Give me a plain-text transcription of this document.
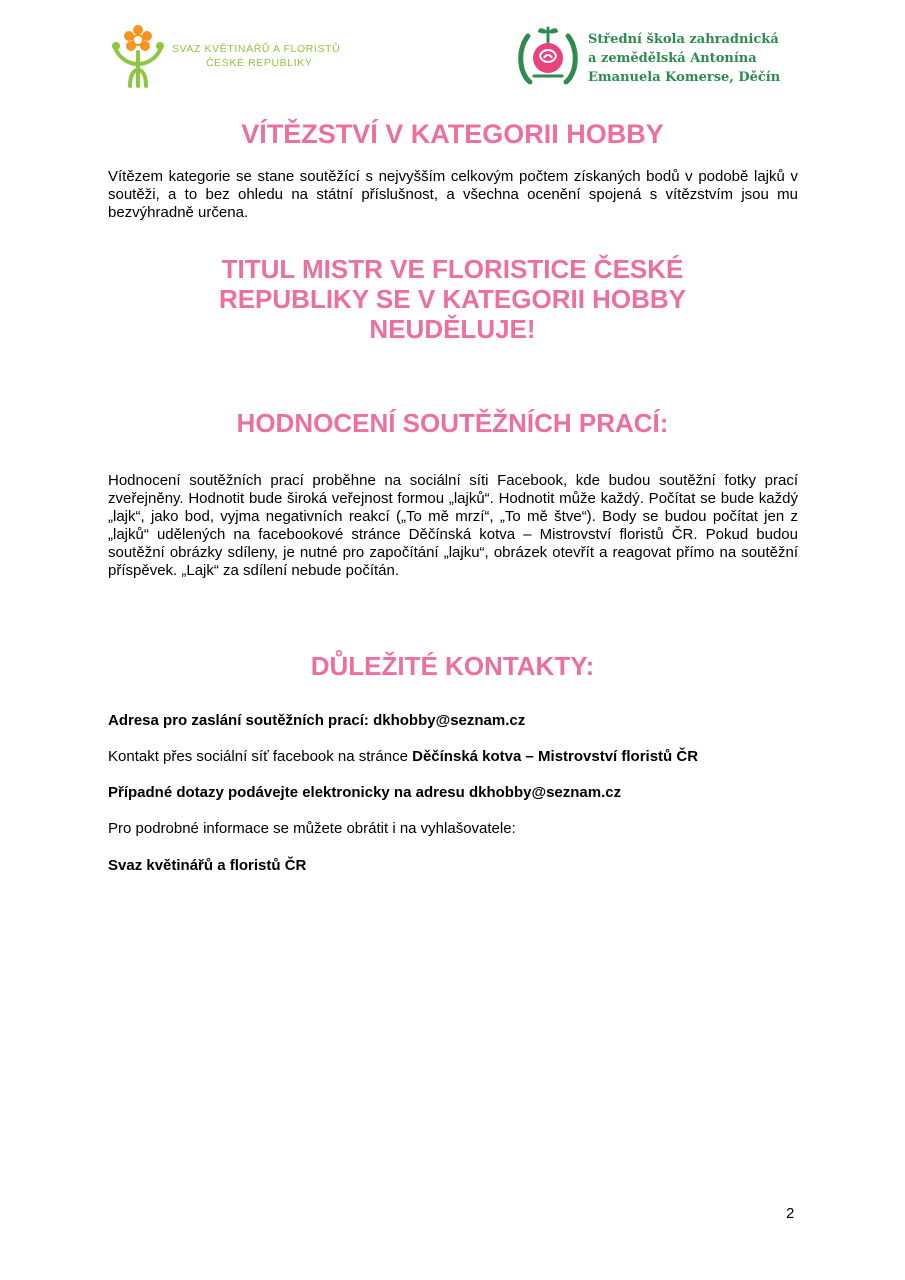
SVAZ KVĚTINÁŘŮ A FLORISTŮ
ČESKÉ REPUBLIKY
Střední škola zahradnická
a zemědělská Antonína
Emanuela Komerse, Děčín
VÍTĚZSTVÍ V KATEGORII HOBBY
Vítězem kategorie se stane soutěžící s nejvyšším celkovým počtem získaných bodů v podobě lajků v soutěži, a to bez ohledu na státní příslušnost, a všechna ocenění spojená s vítězstvím jsou mu bezvýhradně určena.
TITUL MISTR VE FLORISTICE ČESKÉ
REPUBLIKY SE V KATEGORII HOBBY
NEUDĚLUJE!
HODNOCENÍ SOUTĚŽNÍCH PRACÍ:
Hodnocení soutěžních prací proběhne na sociální síti Facebook, kde budou soutěžní fotky prací zveřejněny. Hodnotit bude široká veřejnost formou „lajků“. Hodnotit může každý. Počítat se bude každý „lajk“, jako bod, vyjma negativních reakcí („To mě mrzí“, „To mě štve“). Body se budou počítat jen z „lajků“ udělených na facebookové stránce Děčínská kotva – Mistrovství floristů ČR. Pokud budou soutěžní obrázky sdíleny, je nutné pro započítání „lajku“, obrázek otevřít a reagovat přímo na soutěžní příspěvek. „Lajk“ za sdílení nebude počítán.
DŮLEŽITÉ KONTAKTY:
Adresa pro zaslání soutěžních prací: dkhobby@seznam.cz
Kontakt přes sociální síť facebook na stránce Děčínská kotva – Mistrovství floristů ČR
Případné dotazy podávejte elektronicky na adresu dkhobby@seznam.cz
Pro podrobné informace se můžete obrátit i na vyhlašovatele:
Svaz květinářů a floristů ČR
2
